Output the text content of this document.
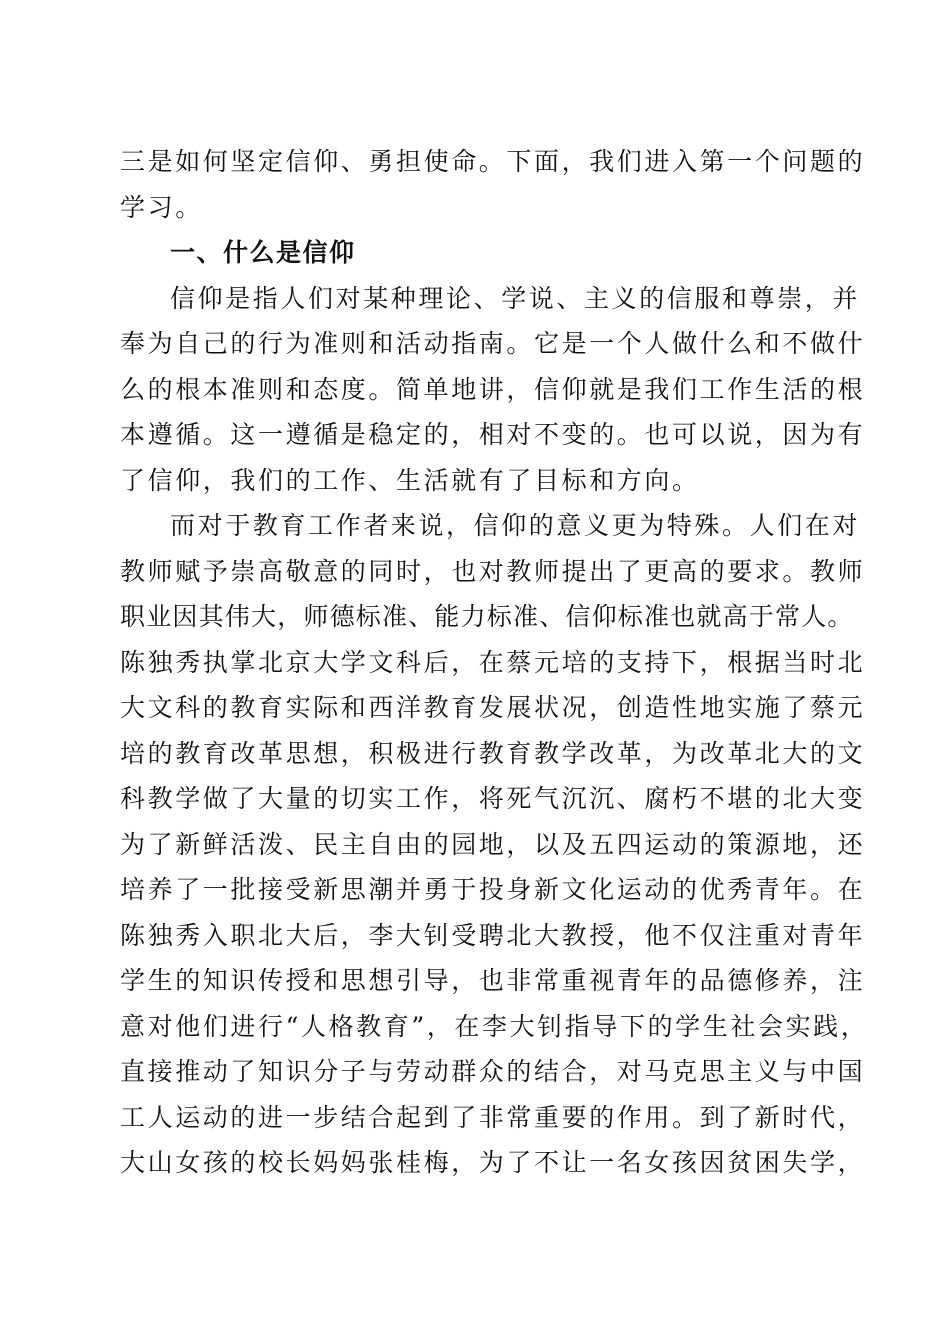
三是如何坚定信仰、勇担使命。下面，我们进入第一个问题的
学习。
一、什么是信仰
信仰是指人们对某种理论、学说、主义的信服和尊崇，并
奉为自己的行为准则和活动指南。它是一个人做什么和不做什
么的根本准则和态度。简单地讲，信仰就是我们工作生活的根
本遵循。这一遵循是稳定的，相对不变的。也可以说，因为有
了信仰，我们的工作、生活就有了目标和方向。
而对于教育工作者来说，信仰的意义更为特殊。人们在对
教师赋予崇高敬意的同时，也对教师提出了更高的要求。教师
职业因其伟大，师德标准、能力标准、信仰标准也就高于常人。
陈独秀执掌北京大学文科后，在蔡元培的支持下，根据当时北
大文科的教育实际和西洋教育发展状况，创造性地实施了蔡元
培的教育改革思想，积极进行教育教学改革，为改革北大的文
科教学做了大量的切实工作，将死气沉沉、腐朽不堪的北大变
为了新鲜活泼、民主自由的园地，以及五四运动的策源地，还
培养了一批接受新思潮并勇于投身新文化运动的优秀青年。在
陈独秀入职北大后，李大钊受聘北大教授，他不仅注重对青年
学生的知识传授和思想引导，也非常重视青年的品德修养，注
意对他们进行“人格教育”，在李大钊指导下的学生社会实践，
直接推动了知识分子与劳动群众的结合，对马克思主义与中国
工人运动的进一步结合起到了非常重要的作用。到了新时代，
大山女孩的校长妈妈张桂梅，为了不让一名女孩因贫困失学，
